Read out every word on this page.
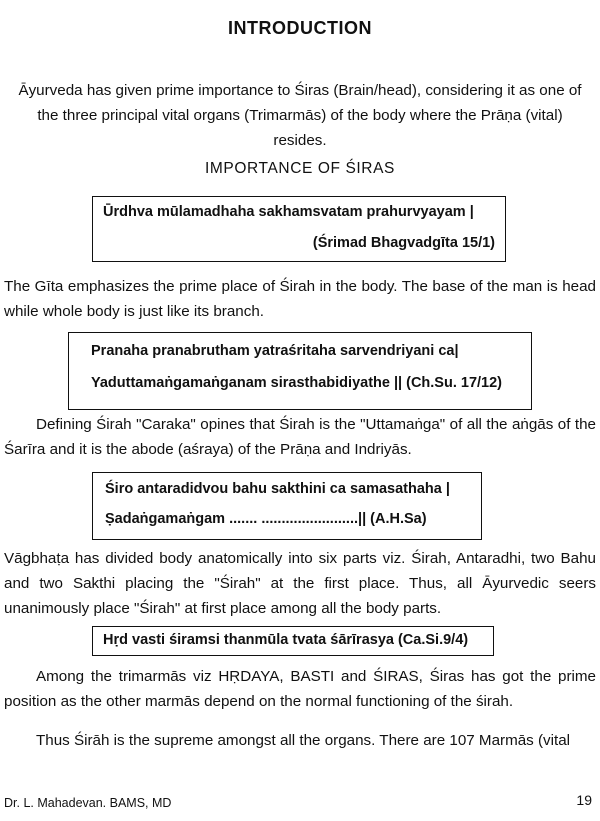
INTRODUCTION
Āyurveda has given prime importance to Śiras (Brain/head), considering it as one of the three principal vital organs (Trimarmās) of the body where the Prāṇa (vital) resides.
IMPORTANCE OF ŚIRAS
Ūrdhva mūlamadhaha sakhamsvatam prahurvyayam |
(Śrimad Bhagvadgīta 15/1)
The Gīta emphasizes the prime place of Śirah in the body. The base of the man is head while whole body is just like its branch.
Pranaha pranabrutham yatraśritaha sarvendriyani ca|
Yaduttamaṅgamaṅganam sirasthabidiyathe || (Ch.Su. 17/12)
Defining Śirah "Caraka" opines that Śirah is the "Uttamaṅga" of all the aṅgās of the Śarīra and it is the abode (aśraya) of the Prāṇa and Indriyās.
Śiro antaradidvou bahu sakthini ca samasathaha |
Ṣadaṅgamaṅgam ....... ........................|| (A.H.Sa)
Vāgbhaṭa has divided body anatomically into six parts viz. Śirah, Antaradhi, two Bahu and two Sakthi placing the "Śirah" at the first place. Thus, all Āyurvedic seers unanimously place "Śirah" at first place among all the body parts.
Hṛd vasti śiramsi thanmūla tvata śārīrasya (Ca.Si.9/4)
Among the trimarmās viz HṚDAYA, BASTI and ŚIRAS, Śiras has got the prime position as the other marmās depend on the normal functioning of the śirah.
Thus Śirāh is the supreme amongst all the organs. There are 107 Marmās (vital
Dr. L. Mahadevan. BAMS, MD	19
